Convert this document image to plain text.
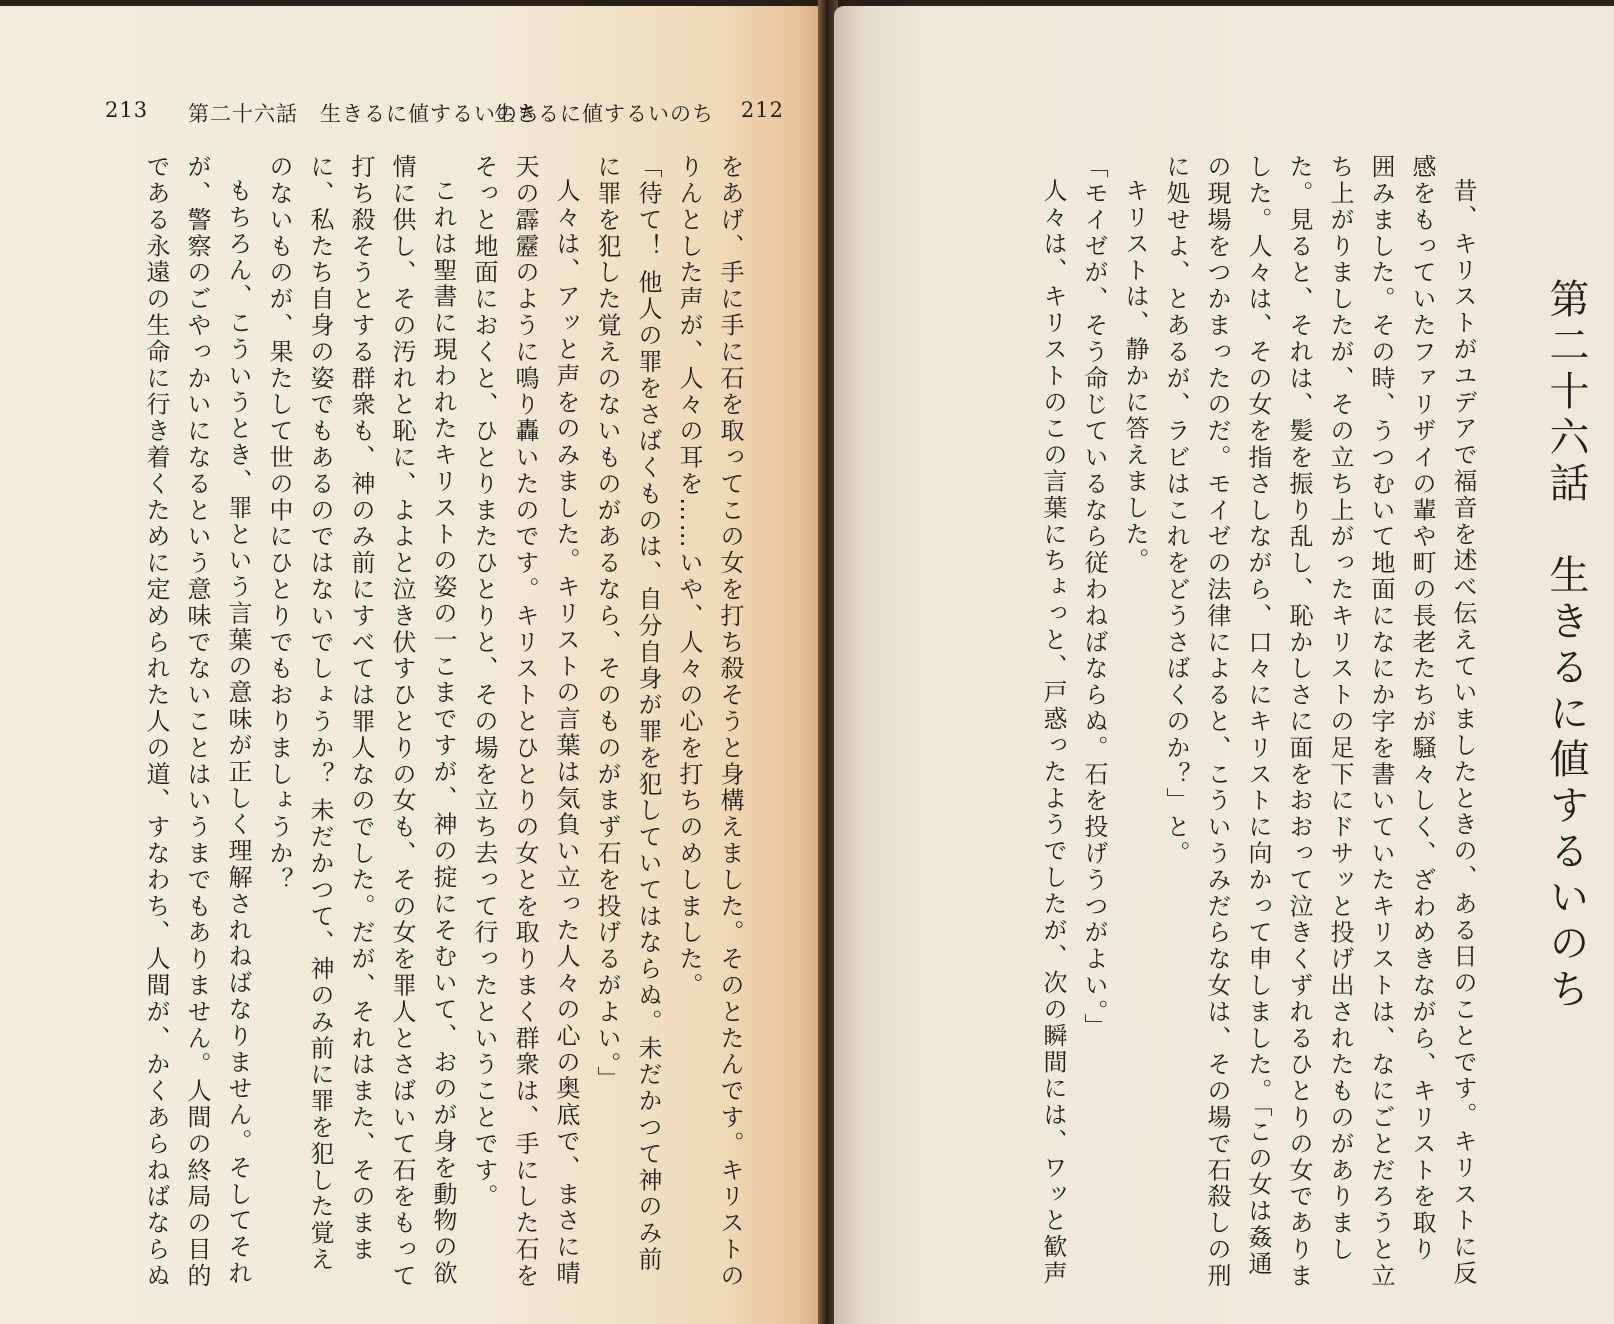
213 第二十六話　生きるに値するいのち

をあげ、手に手に石を取ってこの女を打ち殺そうと身構えました。そのとたんです。キリストの

りんとした声が、人々の耳を……いや、人々の心を打ちのめしました。

「待て！ 他人の罪をさばくものは、自分自身が罪を犯していてはならぬ。未だかつて神のみ前

に罪を犯した覚えのないものがあるなら、そのものがまず石を投げるがよい。」

人々は、アッと声をのみました。キリストの言葉は気負い立った人々の心の奥底で、まさに晴

天の霹靂のように鳴り轟いたのです。キリストとひとりの女とを取りまく群衆は、手にした石を

そっと地面におくと、ひとりまたひとりと、その場を立ち去って行ったということです。

これは聖書に現われたキリストの姿の一こまですが、神の掟にそむいて、おのが身を動物の欲

情に供し、その汚れと恥に、よよと泣き伏すひとりの女も、その女を罪人とさばいて石をもって

打ち殺そうとする群衆も、神のみ前にすべては罪人なのでした。だが、それはまた、そのまま

に、私たち自身の姿でもあるのではないでしょうか？ 未だかつて、神のみ前に罪を犯した覚え

のないものが、果たして世の中にひとりでもおりましょうか？

もちろん、こういうとき、罪という言葉の意味が正しく理解されねばなりません。そしてそれ

が、警察のごやっかいになるという意味でないことはいうまでもありません。人間の終局の目的

である永遠の生命に行き着くために定められた人の道、すなわち、人間が、かくあらねばならぬ

生きるに値するいのち 212
第二十六話　生きるに値するいのち

昔、キリストがユデアで福音を述べ伝えていましたときの、ある日のことです。キリストに反

感をもっていたファリザイの輩や町の長老たちが騒々しく、ざわめきながら、キリストを取り

囲みました。その時、うつむいて地面になにか字を書いていたキリストは、なにごとだろうと立

ち上がりましたが、その立ち上がったキリストの足下にドサッと投げ出されたものがありまし

た。見ると、それは、髪を振り乱し、恥かしさに面をおおって泣きくずれるひとりの女でありま

した。人々は、その女を指さしながら、口々にキリストに向かって申しました。「この女は姦通

の現場をつかまったのだ。モイゼの法律によると、こういうみだらな女は、その場で石殺しの刑

に処せよ、とあるが、ラビはこれをどうさばくのか？」と。

キリストは、静かに答えました。

「モイゼが、そう命じているなら従わねばならぬ。石を投げうつがよい。」

人々は、キリストのこの言葉にちょっと、戸惑ったようでしたが、次の瞬間には、ワッと歓声
